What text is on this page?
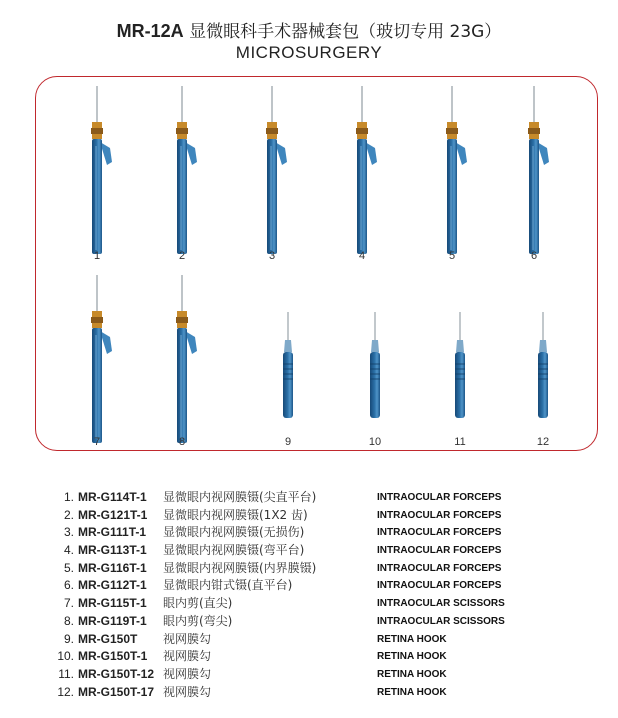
MR-12A 显微眼科手术器械套包（玻切专用 23G）
MICROSURGERY
1	2	3	4	5	6
7	8	9	10	11	12
1. MR-G114T-1 显微眼内视网膜镊(尖直平台)	INTRAOCULAR FORCEPS
2. MR-G121T-1 显微眼内视网膜镊(1X2 齿)	INTRAOCULAR FORCEPS
3. MR-G111T-1 显微眼内视网膜镊(无损伤)	INTRAOCULAR FORCEPS
4. MR-G113T-1 显微眼内视网膜镊(弯平台)	INTRAOCULAR FORCEPS
5. MR-G116T-1 显微眼内视网膜镊(内界膜镊)	INTRAOCULAR FORCEPS
6. MR-G112T-1 显微眼内钳式镊(直平台)	INTRAOCULAR FORCEPS
7. MR-G115T-1 眼内剪(直尖)	INTRAOCULAR SCISSORS
8. MR-G119T-1 眼内剪(弯尖)	INTRAOCULAR SCISSORS
9. MR-G150T 视网膜勾	RETINA HOOK
10. MR-G150T-1 视网膜勾	RETINA HOOK
11. MR-G150T-12 视网膜勾	RETINA HOOK
12. MR-G150T-17 视网膜勾	RETINA HOOK
